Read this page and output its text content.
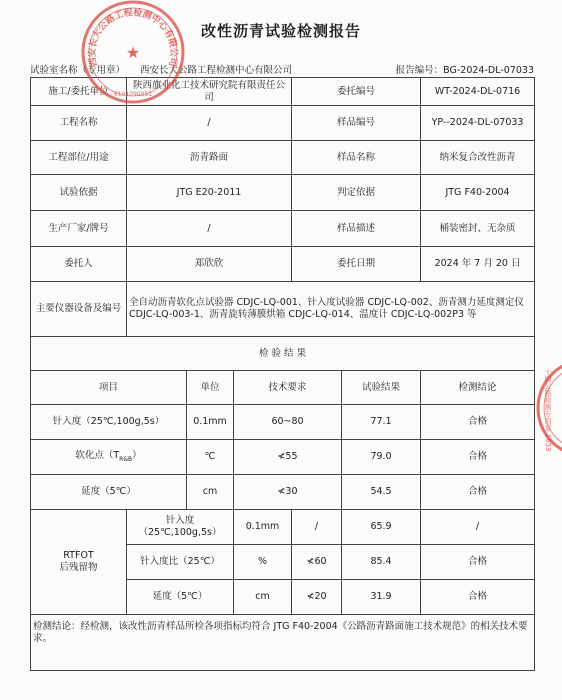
改性沥青试验检测报告
试验室名称（专用章） 西安长大公路工程检测中心有限公司	报告编号：BG-2024-DL-07033
施工/委托单位	陕西旗业化工技术研究院有限责任公司			委托编号		WT-2024-DL-0716
工程名称	/			样品编号		YP--2024-DL-07033
工程部位/用途	沥青路面			样品名称		纳米复合改性沥青
试验依据	JTG E20-2011			判定依据		JTG F40-2004
生产厂家/牌号	/			样品描述		桶装密封、无杂质
委托人	郑欣欣			委托日期		2024 年 7 月 20 日
主要仪器设备及编号	全自动沥青软化点试验器 CDJC-LQ-001、针入度试验器 CDJC-LQ-002、沥青测力延度测定仪 CDJC-LQ-003-1、沥青旋转薄膜烘箱 CDJC-LQ-014、温度计 CDJC-LQ-002P3 等					
检 验 结 果						
项目		单位	技术要求		试验结果	检测结论
针入度（25℃,100g,5s）		0.1mm	60~80		77.1	合格
软化点$(T_{R\&B})$		℃	≮55		79.0	合格
延度（5℃）		cm	≮30		54.5	合格
RTFOT
后残留物	针入度（25℃,100g,5s）		0.1mm	/	65.9	/
	针入度比（25℃）		%	≮60	85.4	合格
	延度（5℃）		cm	≮20	31.9	合格
检测结论：经检测，该改性沥青样品所检各项指标均符合 JTG F40-2004《公路沥青路面施工技术规范》的相关技术要求。						
西安长大公路工程检测中心有限公司
★
6101090051
十国公路检测专用章 1653
